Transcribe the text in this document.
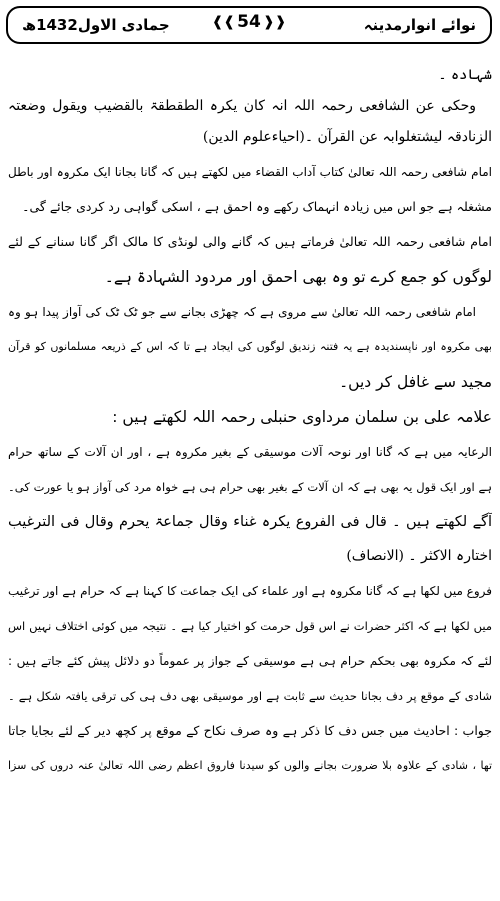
نوائے انوارمدینہ
❰❰ 54 ❱❱
جمادی الاول1432ھ
شہادہ ۔
وحکی عن الشافعی رحمہ اللہ انہ کان یکرہ الطقطقۃ بالقضیب ویقول وضعتہ
الزنادقہ لیشتغلوابہ عن القرآن ۔(احیاءعلوم الدین)
امام شافعی رحمہ اللہ تعالیٰ کتاب آداب القضاء میں لکھتے ہیں کہ گانا بجانا ایک مکروہ اور باطل
مشغلہ ہے جو اس میں زیادہ انہماک رکھے وہ احمق ہے ، اسکی گواہی رد کردی جائے گی۔
امام شافعی رحمہ اللہ تعالیٰ فرماتے ہیں کہ گانے والی لونڈی کا مالک اگر گانا سنانے کے لئے
لوگوں کو جمع کرے تو وہ بھی احمق اور مردود الشہادۃ ہے۔
امام شافعی رحمہ اللہ تعالیٰ سے مروی ہے کہ چھڑی بجانے سے جو ٹک ٹک کی آواز پیدا ہو وہ
بھی مکروہ اور ناپسندیدہ ہے یہ فتنہ زندیق لوگوں کی ایجاد ہے تا کہ اس کے ذریعہ مسلمانوں کو قرآن
مجید سے غافل کر دیں۔
علامہ علی بن سلمان مرداوی حنبلی رحمہ اللہ لکھتے ہیں :
الرعایہ میں ہے کہ گانا اور نوحہ آلات موسیقی کے بغیر مکروہ ہے ، اور ان آلات کے ساتھ حرام
ہے اور ایک قول یہ بھی ہے کہ ان آلات کے بغیر بھی حرام ہی ہے خواہ مرد کی آواز ہو یا عورت کی۔
آگے لکھتے ہیں ۔ قال فی الفروع یکرہ غناء وقال جماعۃ یحرم وقال فی الترغیب
اختارہ الاکثر ۔ (الانصاف)
فروع میں لکھا ہے کہ گانا مکروہ ہے اور علماء کی ایک جماعت کا کہنا ہے کہ حرام ہے اور ترغیب
میں لکھا ہے کہ اکثر حضرات نے اس قول حرمت کو اختیار کیا ہے ۔ نتیجہ میں کوئی اختلاف نہیں اس
لئے کہ مکروہ بھی بحکم حرام ہی ہے موسیقی کے جواز پر عموماً دو دلائل پیش کئے جاتے ہیں :
شادی کے موقع پر دف بجانا حدیث سے ثابت ہے اور موسیقی بھی دف ہی کی ترقی یافتہ شکل ہے ۔
جواب : احادیث میں جس دف کا ذکر ہے وہ صرف نکاح کے موقع پر کچھ دیر کے لئے بجایا جاتا
تھا ، شادی کے علاوہ بلا ضرورت بجانے والوں کو سیدنا فاروق اعظم رضی اللہ تعالیٰ عنہ دروں کی سزا
